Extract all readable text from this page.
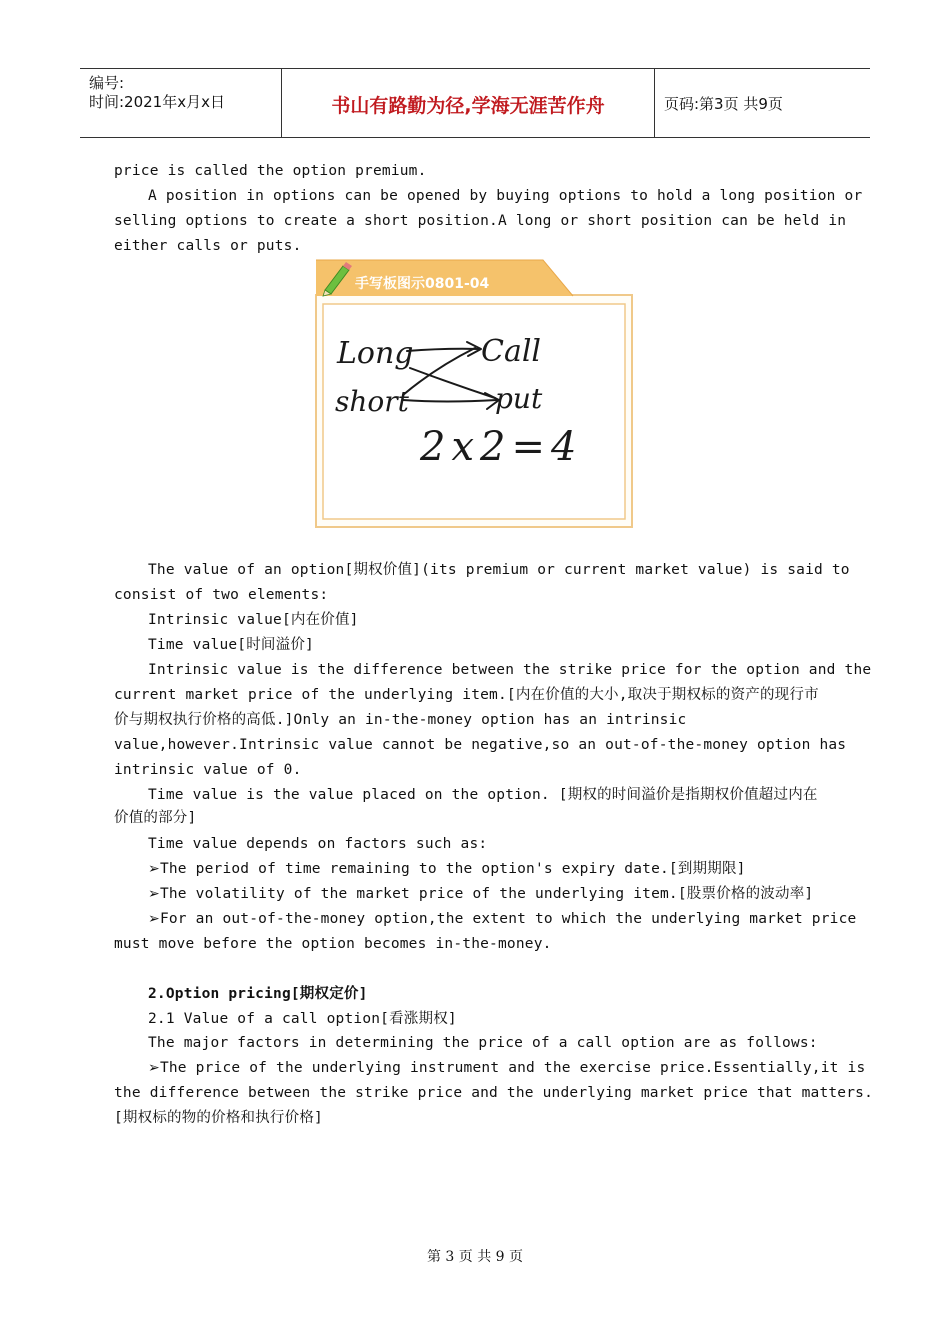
编号:
时间:2021年x月x日	书山有路勤为径,学海无涯苦作舟	页码:第3页 共9页
price is called the option premium.
A position in options can be opened by buying options to hold a long position or
selling options to create a short position.A long or short position can be held in
either calls or puts.
手写板图示0801-04
Long
short
Call
put
2x2=4
The value of an option[期权价值](its premium or current market value) is said to
consist of two elements:
Intrinsic value[内在价值]
Time value[时间溢价]
Intrinsic value is the difference between the strike price for the option and the
current market price of the underlying item.[内在价值的大小,取决于期权标的资产的现行市
价与期权执行价格的高低.]Only an in-the-money option has an intrinsic
value,however.Intrinsic value cannot be negative,so an out-of-the-money option has
intrinsic value of 0.
Time value is the value placed on the option. [期权的时间溢价是指期权价值超过内在
价值的部分]
Time value depends on factors such as:
➢The period of time remaining to the option's expiry date.[到期期限]
➢The volatility of the market price of the underlying item.[股票价格的波动率]
➢For an out-of-the-money option,the extent to which the underlying market price
must move before the option becomes in-the-money.
2.Option pricing[期权定价]
2.1 Value of a call option[看涨期权]
The major factors in determining the price of a call option are as follows:
➢The price of the underlying instrument and the exercise price.Essentially,it is
the difference between the strike price and the underlying market price that matters.
[期权标的物的价格和执行价格]
第 3 页 共 9 页
